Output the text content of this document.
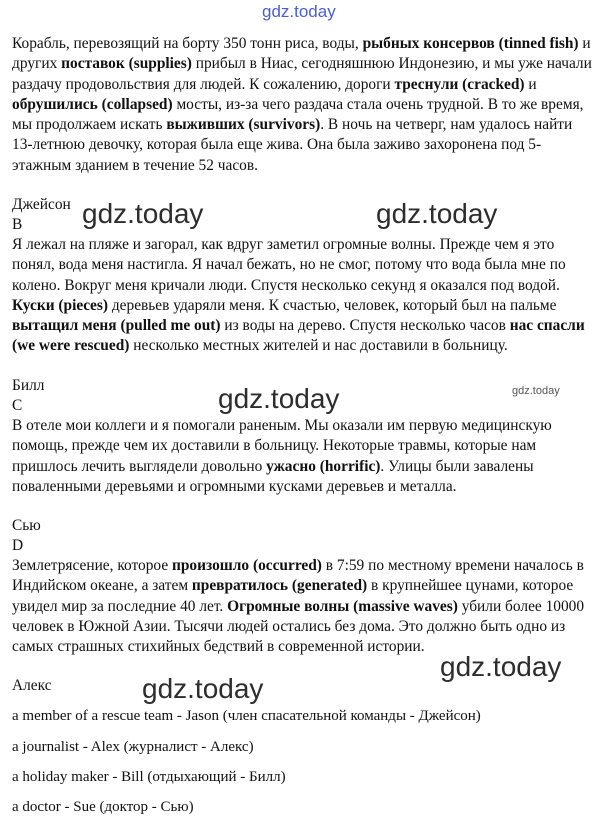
gdz.today
gdz.today	gdz.today
gdz.today
gdz.today
gdz.today
gdz.today

Корабль, перевозящий на борту 350 тонн риса, воды, рыбных консервов (tinned fish) и других поставок (supplies) прибыл в Ниас, сегодняшнюю Индонезию, и мы уже начали раздачу продовольствия для людей. К сожалению, дороги треснули (cracked) и обрушились (collapsed) мосты, из-за чего раздача стала очень трудной. В то же время, мы продолжаем искать выживших (survivors). В ночь на четверг, нам удалось найти 13-летнюю девочку, которая была еще жива. Она была заживо захоронена под 5-этажным зданием в течение 52 часов.

Джейсон
B

Я лежал на пляже и загорал, как вдруг заметил огромные волны. Прежде чем я это понял, вода меня настигла. Я начал бежать, но не смог, потому что вода была мне по колено. Вокруг меня кричали люди. Спустя несколько секунд я оказался под водой. Куски (pieces) деревьев ударяли меня. К счастью, человек, который был на пальме вытащил меня (pulled me out) из воды на дерево. Спустя несколько часов нас спасли (we were rescued) несколько местных жителей и нас доставили в больницу.

Билл
C

В отеле мои коллеги и я помогали раненым. Мы оказали им первую медицинскую помощь, прежде чем их доставили в больницу. Некоторые травмы, которые нам пришлось лечить выглядели довольно ужасно (horrific). Улицы были завалены поваленными деревьями и огромными кусками деревьев и металла.

Сью
D

Землетрясение, которое произошло (occurred) в 7:59 по местному времени началось в Индийском океане, а затем превратилось (generated) в крупнейшее цунами, которое увидел мир за последние 40 лет. Огромные волны (massive waves) убили более 10000 человек в Южной Азии. Тысячи людей остались без дома. Это должно быть одно из самых страшных стихийных бедствий в современной истории.

Алекс
a member of a rescue team - Jason (член спасательной команды - Джейсон)
a journalist - Alex (журналист - Алекс)
a holiday maker - Bill (отдыхающий - Билл)
a doctor - Sue (доктор - Сью)
